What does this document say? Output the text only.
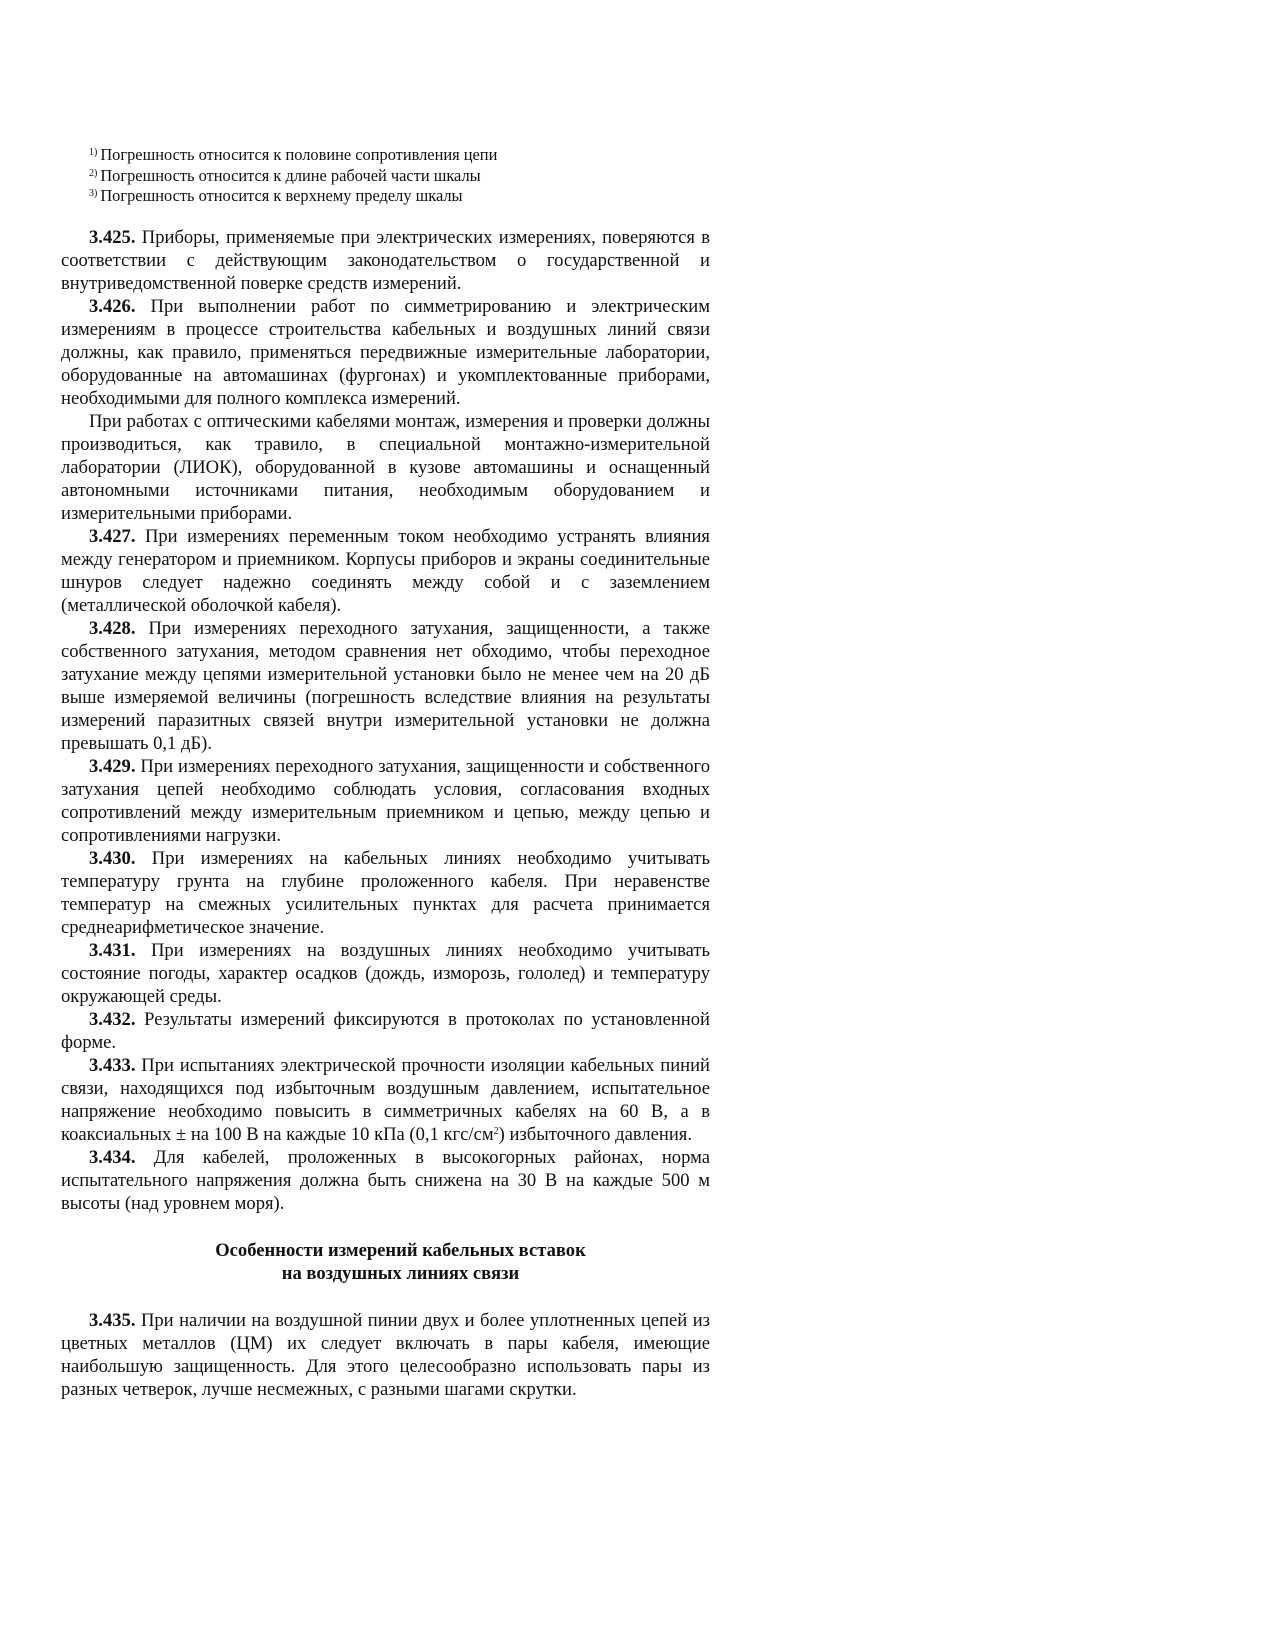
$^{1)}$ Погрешность относится к половине сопротивления цепи

$^{2)}$ Погрешность относится к длине рабочей части шкалы

$^{3)}$ Погрешность относится к верхнему пределу шкалы

3.425. Приборы, применяемые при электрических измерениях, поверяются в соответствии с действующим законодательством о государственной и внутриведомственной поверке средств измерений.

3.426. При выполнении работ по симметрированию и электрическим измерениям в процессе строительства кабельных и воздушных линий связи должны, как правило, применяться передвижные измерительные лаборатории, оборудованные на автомашинах (фургонах) и укомплектованные приборами, необходимыми для полного комплекса измерений.

При работах с оптическими кабелями монтаж, измерения и проверки должны производиться, как травило, в специальной монтажно-измерительной лаборатории (ЛИОК), оборудованной в кузове автомашины и оснащенный автономными источниками питания, необходимым оборудованием и измерительными приборами.

3.427. При измерениях переменным током необходимо устранять влияния между генератором и приемником. Корпусы приборов и экраны соединительные шнуров следует надежно соединять между собой и с заземлением (металлической оболочкой кабеля).

3.428. При измерениях переходного затухания, защищенности, а также собственного затухания, методом сравнения нет обходимо, чтобы переходное затухание между цепями измерительной установки было не менее чем на 20 дБ выше измеряемой величины (погрешность вследствие влияния на результаты измерений паразитных связей внутри измерительной установки не должна превышать 0,1 дБ).

3.429. При измерениях переходного затухания, защищенности и собственного затухания цепей необходимо соблюдать условия, согласования входных сопротивлений между измерительным приемником и цепью, между цепью и сопротивлениями нагрузки.

3.430. При измерениях на кабельных линиях необходимо учитывать температуру грунта на глубине проложенного кабеля. При неравенстве температур на смежных усилительных пунктах для расчета принимается среднеарифметическое значение.

3.431. При измерениях на воздушных линиях необходимо учитывать состояние погоды, характер осадков (дождь, изморозь, гололед) и температуру окружающей среды.

3.432. Результаты измерений фиксируются в протоколах по установленной форме.

3.433. При испытаниях электрической прочности изоляции кабельных пиний связи, находящихся под избыточным воздушным давлением, испытательное напряжение необходимо повысить в симметричных кабелях на 60 В, а в коаксиальных ± на 100 В на каждые 10 кПа (0,1 кгс/$см^2$) избыточного давления.

3.434. Для кабелей, проложенных в высокогорных районах, норма испытательного напряжения должна быть снижена на 30 В на каждые 500 м высоты (над уровнем моря).

Особенности измерений кабельных вставок
на воздушных линиях связи

3.435. При наличии на воздушной пинии двух и более уплотненных цепей из цветных металлов (ЦМ) их следует включать в пары кабеля, имеющие наибольшую защищенность. Для этого целесообразно использовать пары из разных четверок, лучше несмежных, с разными шагами скрутки.
